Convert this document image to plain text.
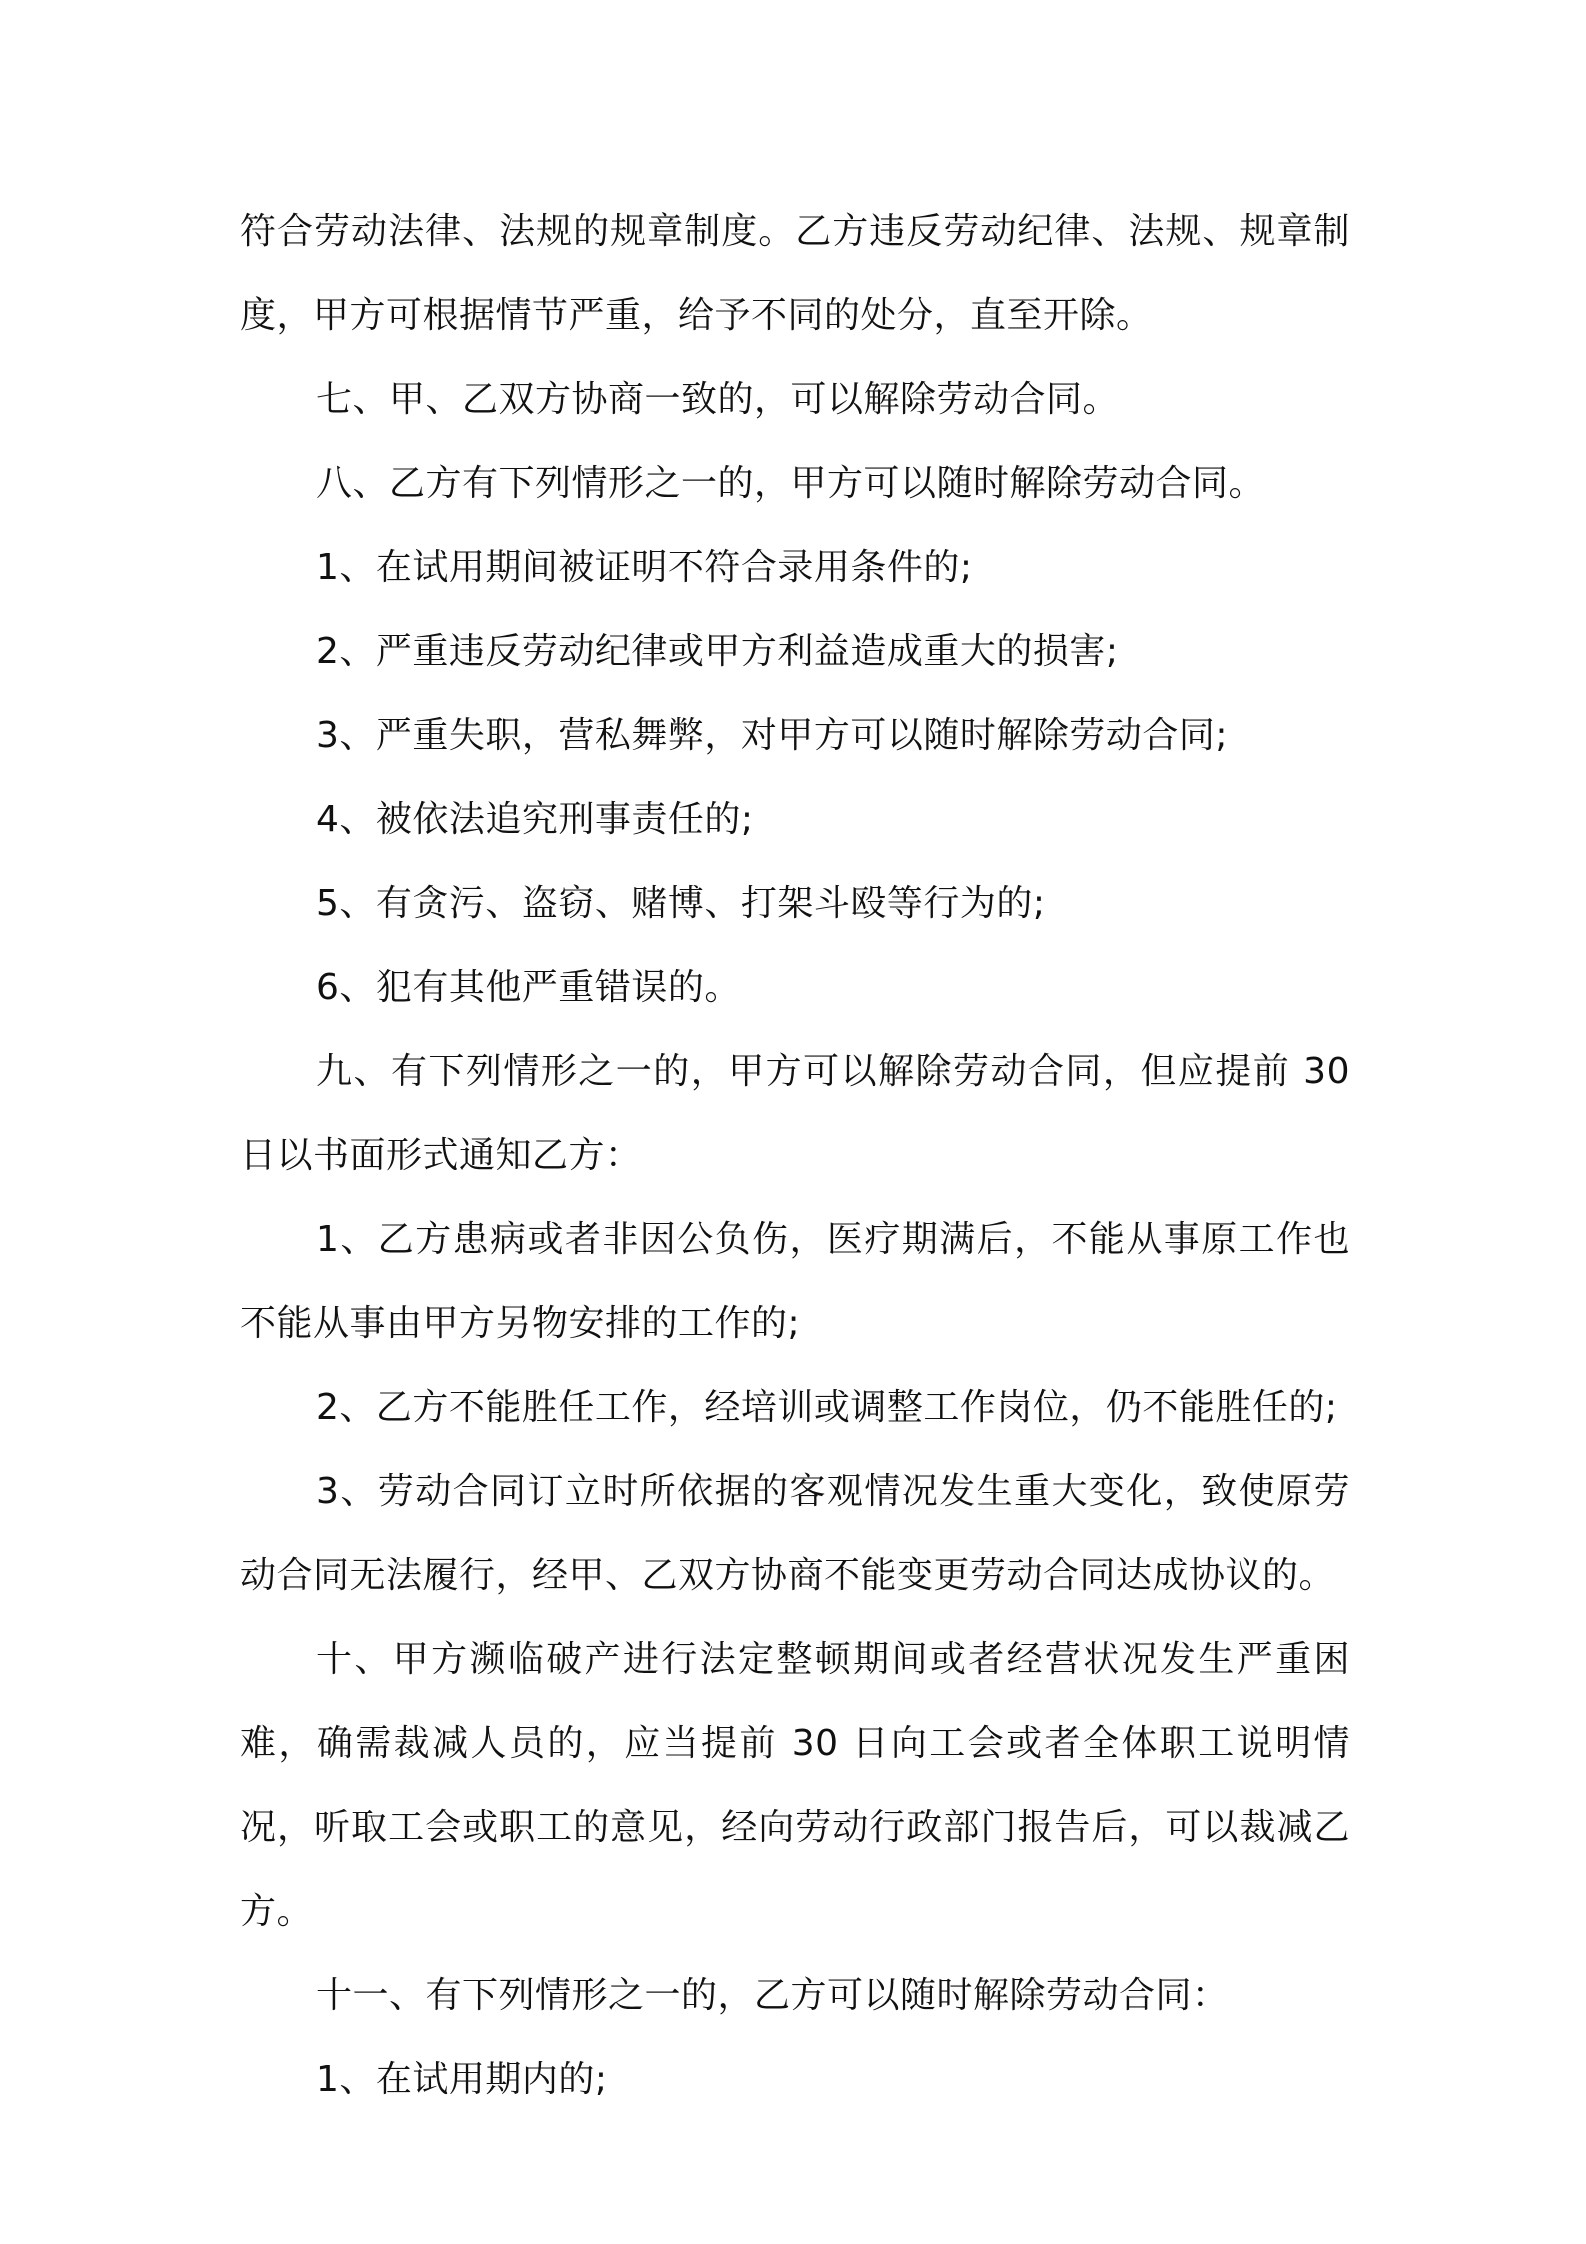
符合劳动法律、法规的规章制度。乙方违反劳动纪律、法规、规章制度，甲方可根据情节严重，给予不同的处分，直至开除。

七、甲、乙双方协商一致的，可以解除劳动合同。

八、乙方有下列情形之一的，甲方可以随时解除劳动合同。

1、在试用期间被证明不符合录用条件的;

2、严重违反劳动纪律或甲方利益造成重大的损害;

3、严重失职，营私舞弊，对甲方可以随时解除劳动合同;

4、被依法追究刑事责任的;

5、有贪污、盗窃、赌博、打架斗殴等行为的;

6、犯有其他严重错误的。

九、有下列情形之一的，甲方可以解除劳动合同，但应提前 30 日以书面形式通知乙方：

1、乙方患病或者非因公负伤，医疗期满后，不能从事原工作也不能从事由甲方另物安排的工作的;

2、乙方不能胜任工作，经培训或调整工作岗位，仍不能胜任的;

3、劳动合同订立时所依据的客观情况发生重大变化，致使原劳动合同无法履行，经甲、乙双方协商不能变更劳动合同达成协议的。

十、甲方濒临破产进行法定整顿期间或者经营状况发生严重困难，确需裁减人员的，应当提前 30 日向工会或者全体职工说明情况，听取工会或职工的意见，经向劳动行政部门报告后，可以裁减乙方。

十一、有下列情形之一的，乙方可以随时解除劳动合同：

1、在试用期内的;
